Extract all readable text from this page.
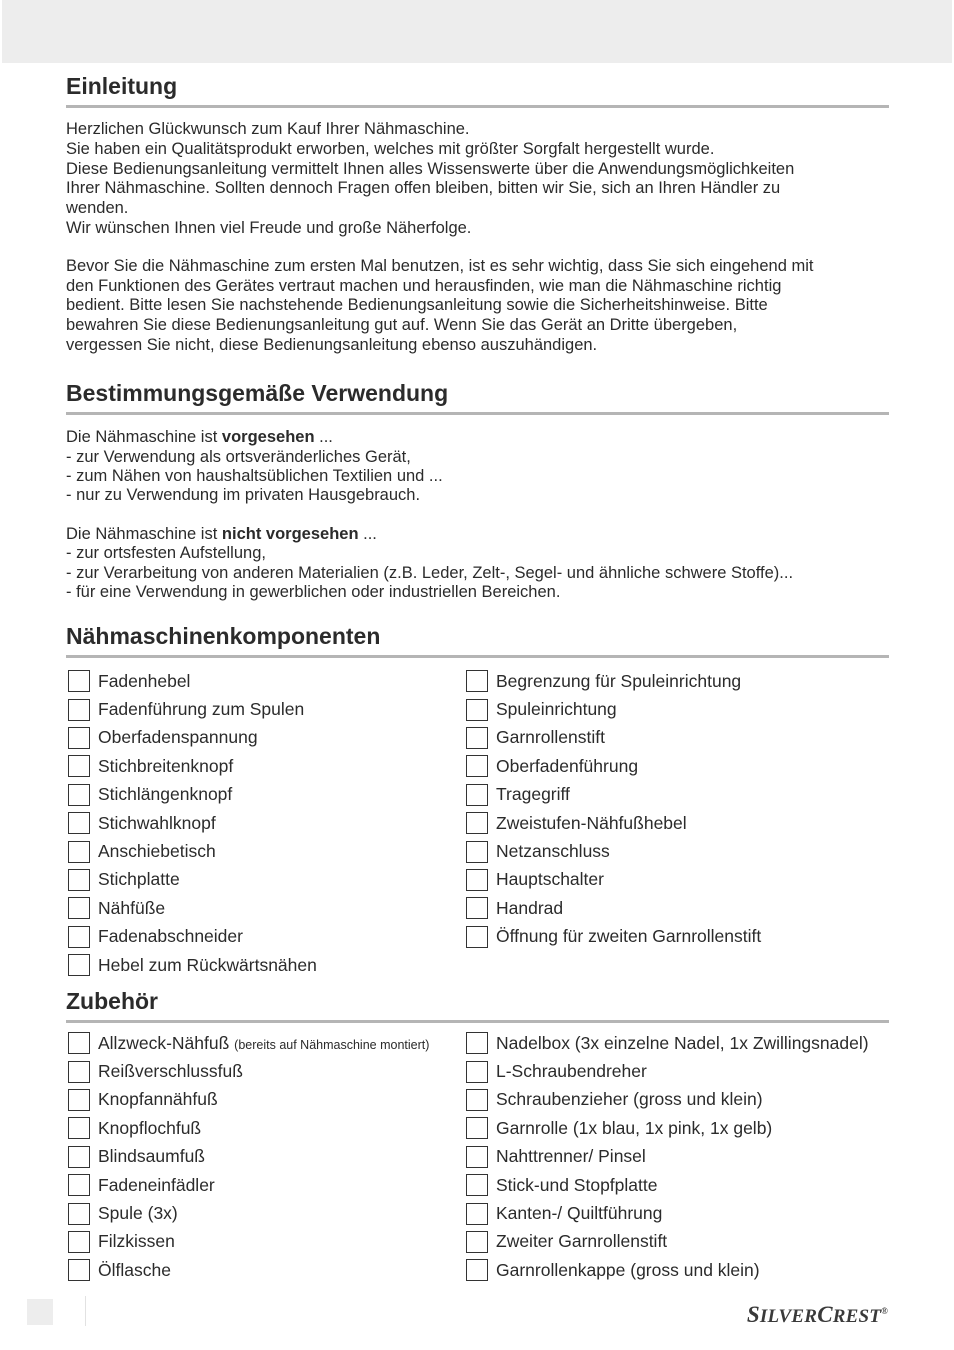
Einleitung
Herzlichen Glückwunsch zum Kauf Ihrer Nähmaschine.
Sie haben ein Qualitätsprodukt erworben, welches mit größter Sorgfalt hergestellt wurde.
Diese Bedienungsanleitung vermittelt Ihnen alles Wissenswerte über die Anwendungsmöglichkeiten
Ihrer Nähmaschine. Sollten dennoch Fragen offen bleiben, bitten wir Sie, sich an Ihren Händler zu
wenden.
Wir wünschen Ihnen viel Freude und große Näherfolge.
Bevor Sie die Nähmaschine zum ersten Mal benutzen, ist es sehr wichtig, dass Sie sich eingehend mit
den Funktionen des Gerätes vertraut machen und herausfinden, wie man die Nähmaschine richtig
bedient. Bitte lesen Sie nachstehende Bedienungsanleitung sowie die Sicherheitshinweise. Bitte
bewahren Sie diese Bedienungsanleitung gut auf. Wenn Sie das Gerät an Dritte übergeben,
vergessen Sie nicht, diese Bedienungsanleitung ebenso auszuhändigen.
Bestimmungsgemäße Verwendung
Die Nähmaschine ist vorgesehen ...
- zur Verwendung als ortsveränderliches Gerät,
- zum Nähen von haushaltsüblichen Textilien und ...
- nur zu Verwendung im privaten Hausgebrauch.
Die Nähmaschine ist nicht vorgesehen ...
- zur ortsfesten Aufstellung,
- zur Verarbeitung von anderen Materialien (z.B. Leder, Zelt-, Segel- und ähnliche schwere Stoffe)...
- für eine Verwendung in gewerblichen oder industriellen Bereichen.
Nähmaschinenkomponenten
Fadenhebel
Fadenführung zum Spulen
Oberfadenspannung
Stichbreitenknopf
Stichlängenknopf
Stichwahlknopf
Anschiebetisch
Stichplatte
Nähfüße
Fadenabschneider
Hebel zum Rückwärtsnähen
Begrenzung für Spuleinrichtung
Spuleinrichtung
Garnrollenstift
Oberfadenführung
Tragegriff
Zweistufen-Nähfußhebel
Netzanschluss
Hauptschalter
Handrad
Öffnung für zweiten Garnrollenstift
Zubehör
Allzweck-Nähfuß (bereits auf Nähmaschine montiert)
Reißverschlussfuß
Knopfannähfuß
Knopflochfuß
Blindsaumfuß
Fadeneinfädler
Spule (3x)
Filzkissen
Ölflasche
Nadelbox (3x einzelne Nadel, 1x Zwillingsnadel)
L-Schraubendreher
Schraubenzieher (gross und klein)
Garnrolle (1x blau, 1x pink, 1x gelb)
Nahttrenner/ Pinsel
Stick-und Stopfplatte
Kanten-/ Quiltführung
Zweiter Garnrollenstift
Garnrollenkappe (gross und klein)
SILVERCREST®
